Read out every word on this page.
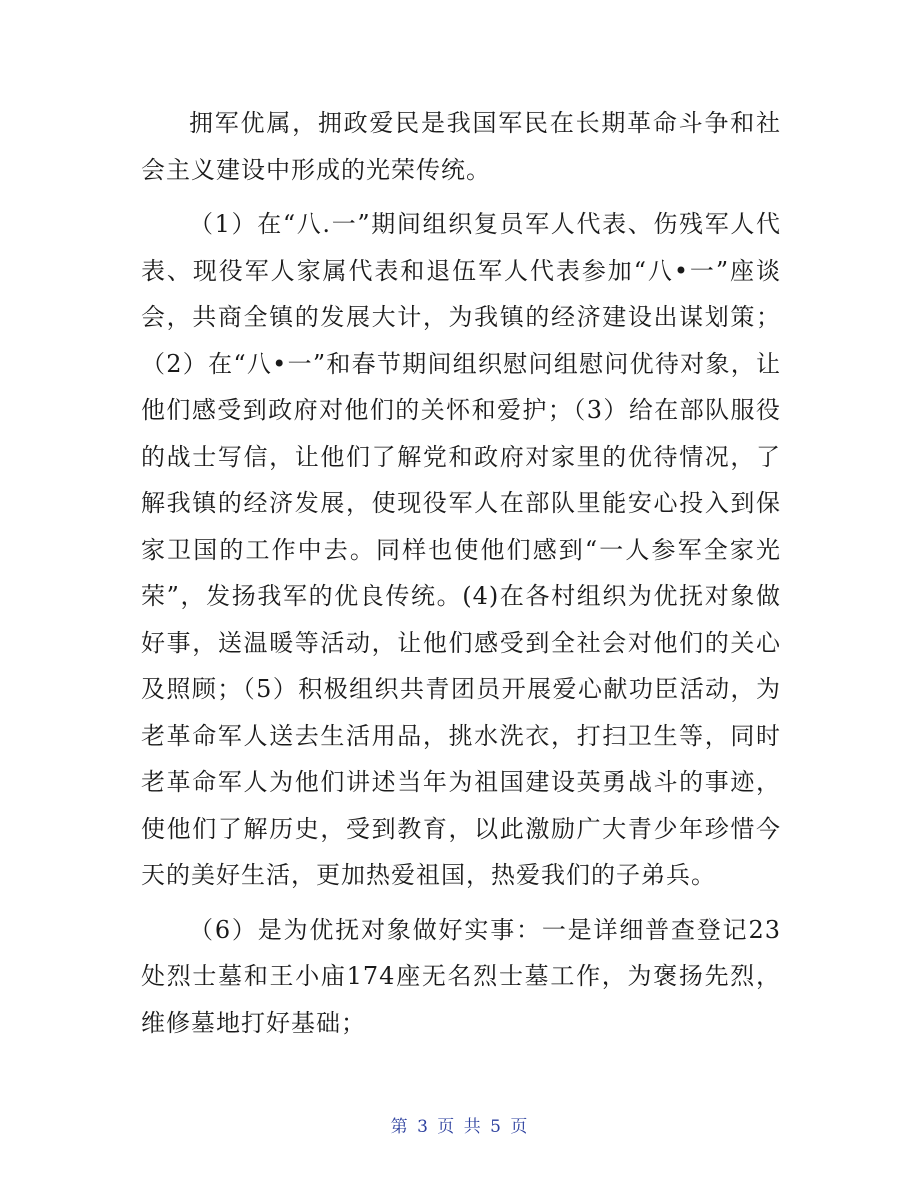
拥军优属，拥政爱民是我国军民在长期革命斗争和社会主义建设中形成的光荣传统。

（1）在“八.一”期间组织复员军人代表、伤残军人代表、现役军人家属代表和退伍军人代表参加“八•一”座谈会，共商全镇的发展大计，为我镇的经济建设出谋划策；（2）在“八•一”和春节期间组织慰问组慰问优待对象，让他们感受到政府对他们的关怀和爱护；（3）给在部队服役的战士写信，让他们了解党和政府对家里的优待情况，了解我镇的经济发展，使现役军人在部队里能安心投入到保家卫国的工作中去。同样也使他们感到“一人参军全家光荣”，发扬我军的优良传统。(4)在各村组织为优抚对象做好事，送温暖等活动，让他们感受到全社会对他们的关心及照顾；（5）积极组织共青团员开展爱心献功臣活动，为老革命军人送去生活用品，挑水洗衣，打扫卫生等，同时老革命军人为他们讲述当年为祖国建设英勇战斗的事迹，使他们了解历史，受到教育，以此激励广大青少年珍惜今天的美好生活，更加热爱祖国，热爱我们的子弟兵。

（6）是为优抚对象做好实事：一是详细普查登记23处烈士墓和王小庙174座无名烈士墓工作，为褒扬先烈，维修墓地打好基础；

第 3 页 共 5 页
